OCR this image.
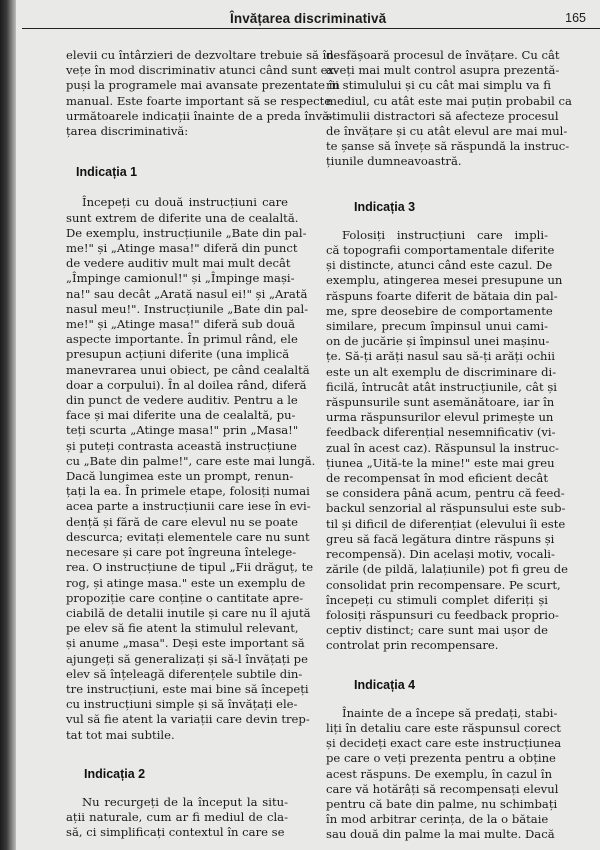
Învățarea discriminativă	165

elevii cu întârzieri de dezvoltare trebuie să în-
vețe în mod discriminativ atunci când sunt ex-
puși la programele mai avansate prezentate în
manual. Este foarte important să se respecte
următoarele indicații înainte de a preda învă-
țarea discriminativă:

Indicația 1

Începeți cu două instrucțiuni care
sunt extrem de diferite una de cealaltă.
De exemplu, instrucțiunile „Bate din pal-
me!" și „Atinge masa!" diferă din punct
de vedere auditiv mult mai mult decât
„Împinge camionul!" și „Împinge mași-
na!" sau decât „Arată nasul ei!" și „Arată
nasul meu!". Instrucțiunile „Bate din pal-
me!" și „Atinge masa!" diferă sub două
aspecte importante. În primul rând, ele
presupun acțiuni diferite (una implică
manevrarea unui obiect, pe când cealaltă
doar a corpului). În al doilea rând, diferă
din punct de vedere auditiv. Pentru a le
face și mai diferite una de cealaltă, pu-
teți scurta „Atinge masa!" prin „Masa!"
și puteți contrasta această instrucțiune
cu „Bate din palme!", care este mai lungă.
Dacă lungimea este un prompt, renun-
țați la ea. În primele etape, folosiți numai
acea parte a instrucțiunii care iese în evi-
dență și fără de care elevul nu se poate
descurca; evitați elementele care nu sunt
necesare și care pot îngreuna întelegе-
rea. O instrucțiune de tipul „Fii drăguț, te
rog, și atinge masa." este un exemplu de
propoziție care conține o cantitate apre-
ciabilă de detalii inutile și care nu îl ajută
pe elev să fie atent la stimulul relevant,
și anume „masa". Deși este important să
ajungeți să generalizați și să-l învățați pe
elev să înțeleagă diferențele subtile din-
tre instrucțiuni, este mai bine să începeți
cu instrucțiuni simple și să învățați ele-
vul să fie atent la variații care devin trep-
tat tot mai subtile.

Indicația 2

Nu recurgeți de la început la situ-
ații naturale, cum ar fi mediul de cla-
să, ci simplificați contextul în care se

desfășoară procesul de învățare. Cu cât
aveți mai mult control asupra prezentă-
rii stimulului și cu cât mai simplu va fi
mediul, cu atât este mai puțin probabil ca
stimulii distractori să afecteze procesul
de învățare și cu atât elevul are mai mul-
te șanse să învețe să răspundă la instruc-
țiunile dumneavoastră.

Indicația 3

Folosiți instrucțiuni care impli-
că topografii comportamentale diferite
și distincte, atunci când este cazul. De
exemplu, atingerea mesei presupune un
răspuns foarte diferit de bătaia din pal-
me, spre deosebire de comportamente
similare, precum împinsul unui cami-
on de jucărie și împinsul unei mașinu-
țe. Să-ți arăți nasul sau să-ți arăți ochii
este un alt exemplu de discriminare di-
ficilă, întrucât atât instrucțiunile, cât și
răspunsurile sunt asemănătoare, iar în
urma răspunsurilor elevul primește un
feedback diferențial nesemnificativ (vi-
zual în acest caz). Răspunsul la instruc-
țiunea „Uită-te la mine!" este mai greu
de recompensat în mod eficient decât
se considera până acum, pentru că feed-
backul senzorial al răspunsului este sub-
til și dificil de diferențiat (elevului îi este
greu să facă legătura dintre răspuns și
recompensă). Din același motiv, vocali-
zările (de pildă, lalațiunile) pot fi greu de
consolidat prin recompensare. Pe scurt,
începeți cu stimuli complet diferiți și
folosiți răspunsuri cu feedback proprio-
ceptiv distinct; care sunt mai ușor de
controlat prin recompensare.

Indicația 4

Înainte de a începe să predați, stabi-
liți în detaliu care este răspunsul corect
și decideți exact care este instrucțiunea
pe care o veți prezenta pentru a obține
acest răspuns. De exemplu, în cazul în
care vă hotărâți să recompensați elevul
pentru că bate din palme, nu schimbați
în mod arbitrar cerința, de la o bătaie
sau două din palme la mai multe. Dacă
